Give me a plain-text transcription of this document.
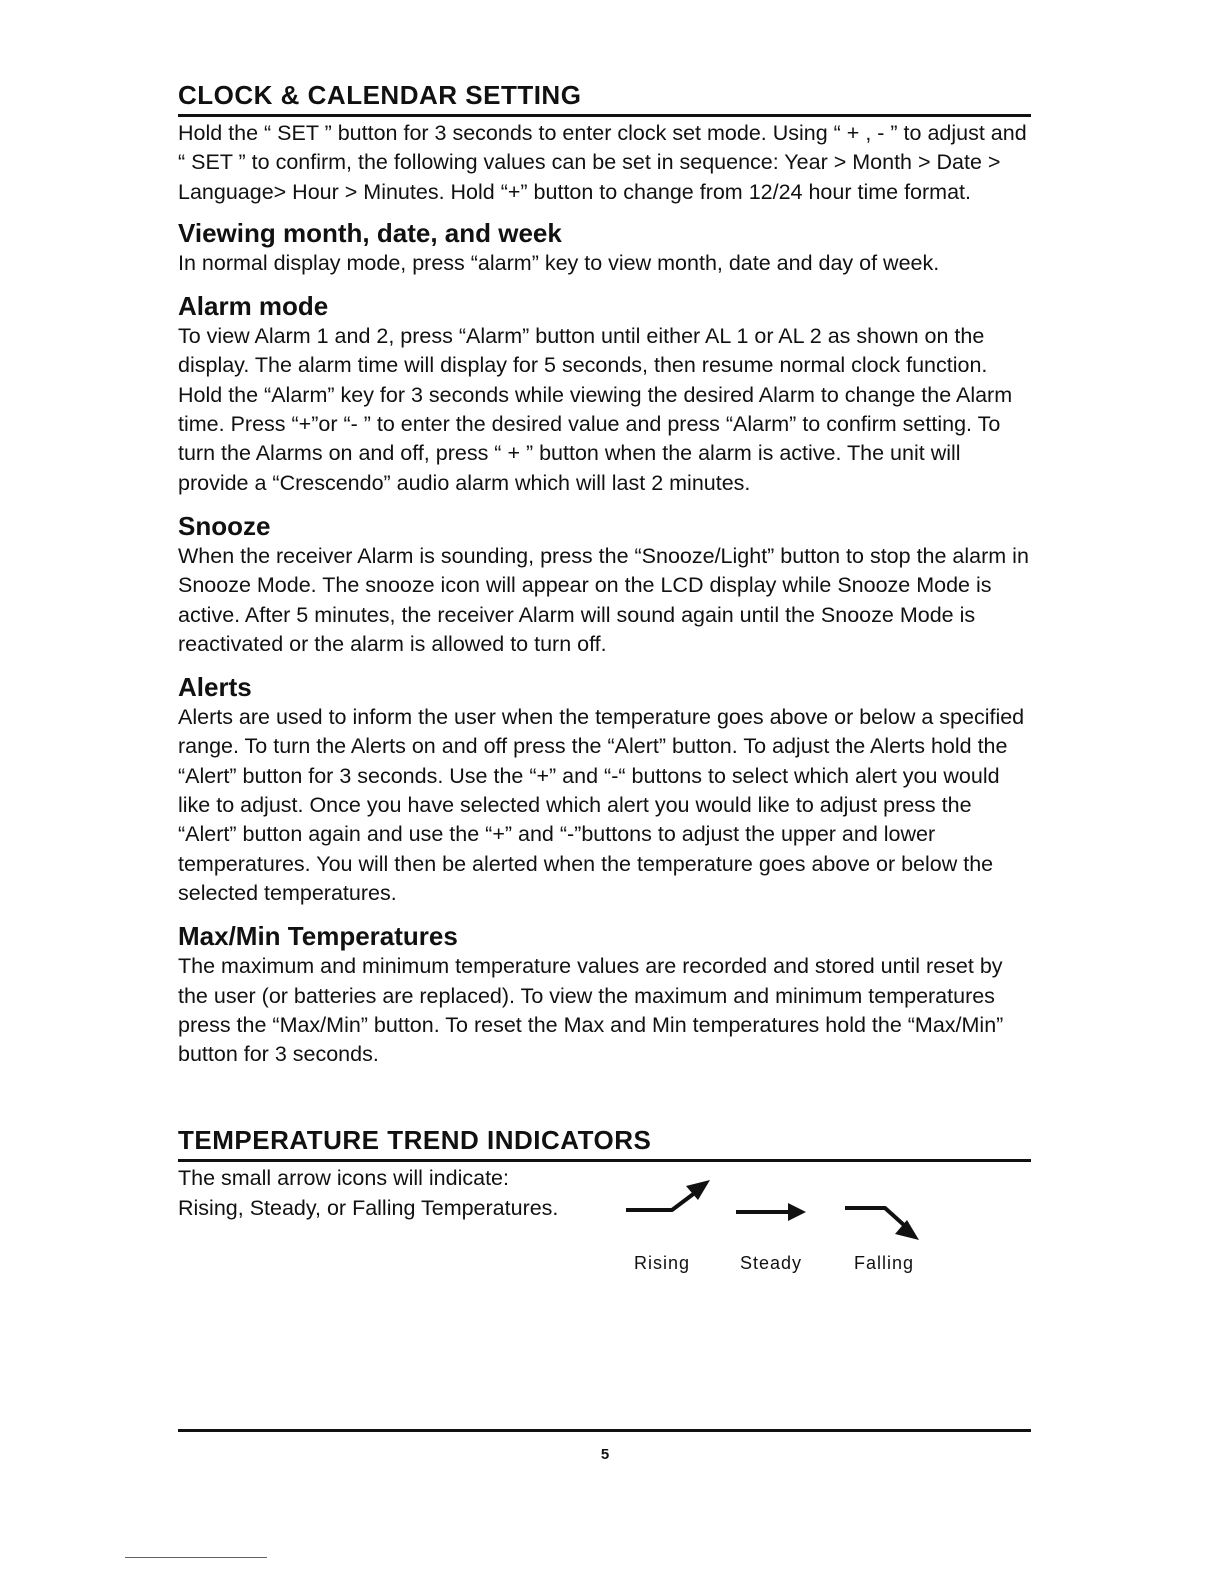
CLOCK & CALENDAR SETTING

Hold the “ SET ” button for 3 seconds to enter clock set mode. Using “ + , - ” to adjust and “ SET ” to confirm, the following values can be set in sequence: Year > Month > Date > Language> Hour > Minutes. Hold “+” button to change from 12/24 hour time format.

Viewing month, date, and week

In normal display mode, press “alarm” key to view month, date and day of week.

Alarm mode

To view Alarm 1 and 2, press “Alarm” button until either AL 1 or AL 2 as shown on the display. The alarm time will display for 5 seconds, then resume normal clock function. Hold the “Alarm” key for 3 seconds while viewing the desired Alarm to change the Alarm time. Press “+”or “- ” to enter the desired value and press “Alarm” to confirm setting. To turn the Alarms on and off, press “ + ” button when the alarm is active. The unit will provide a “Crescendo” audio alarm which will last 2 minutes.

Snooze

When the receiver Alarm is sounding, press the “Snooze/Light” button to stop the alarm in Snooze Mode. The snooze icon will appear on the LCD display while Snooze Mode is active. After 5 minutes, the receiver Alarm will sound again until the Snooze Mode is reactivated or the alarm is allowed to turn off.

Alerts

Alerts are used to inform the user when the temperature goes above or below a specified range. To turn the Alerts on and off press the “Alert” button. To adjust the Alerts hold the “Alert” button for 3 seconds. Use the “+” and “-“ buttons to select which alert you would like to adjust. Once you have selected which alert you would like to adjust press the “Alert” button again and use the “+” and “-”buttons to adjust the upper and lower temperatures. You will then be alerted when the temperature goes above or below the selected temperatures.

Max/Min Temperatures

The maximum and minimum temperature values are recorded and stored until reset by the user (or batteries are replaced). To view the maximum and minimum temperatures press the “Max/Min” button. To reset the Max and Min temperatures hold the “Max/Min” button for 3 seconds.

TEMPERATURE TREND INDICATORS
The small arrow icons will indicate:
Rising, Steady, or Falling Temperatures.
Rising	Steady	Falling
5
